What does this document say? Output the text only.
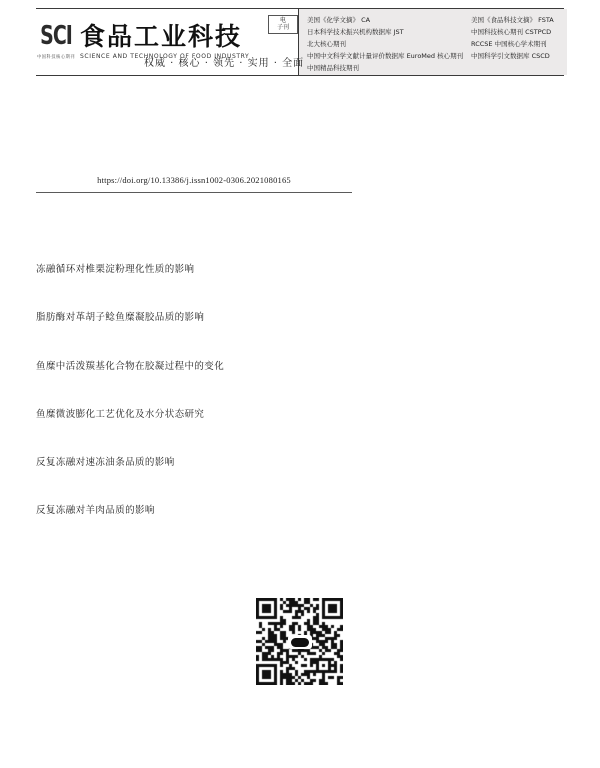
SCI
中国科技核心期刊
食品工业科技
SCIENCE AND TECHNOLOGY OF FOOD INDUSTRY
电
子刊
权威 · 核心 · 领先 · 实用 · 全面
美国《化学文摘》 CA
日本科学技术振兴机构数据库 JST
北大核心期刊
中国中文科学文献计量评价数据库 EuroMed 核心期刊
中国精品科技期刊
美国《食品科技文摘》 FSTA
中国科技核心期刊 CSTPCD
RCCSE 中国核心学术期刊
中国科学引文数据库 CSCD
https://doi.org/10.13386/j.issn1002-0306.2021080165
冻融循环对椎栗淀粉理化性质的影响
脂肪酶对革胡子鲶鱼糜凝胶品质的影响
鱼糜中活泼羰基化合物在胶凝过程中的变化
鱼糜微波膨化工艺优化及水分状态研究
反复冻融对速冻油条品质的影响
反复冻融对羊肉品质的影响
